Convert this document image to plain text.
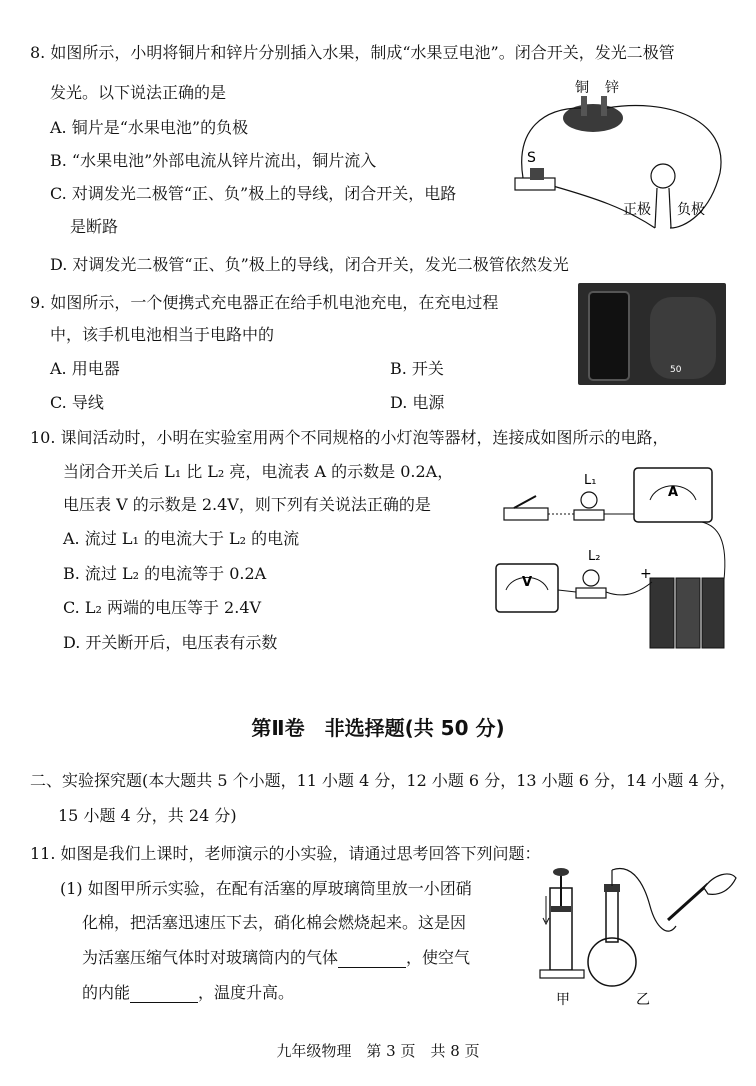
8. 如图所示，小明将铜片和锌片分别插入水果，制成“水果豆电池”。闭合开关，发光二极管
发光。以下说法正确的是
A. 铜片是“水果电池”的负极
B. “水果电池”外部电流从锌片流出，铜片流入
C. 对调发光二极管“正、负”极上的导线，闭合开关，电路
是断路
D. 对调发光二极管“正、负”极上的导线，闭合开关，发光二极管依然发光
铜 锌
S
正极 负极
9. 如图所示，一个便携式充电器正在给手机电池充电，在充电过程
中，该手机电池相当于电路中的
A. 用电器	B. 开关
C. 导线	D. 电源
50
10. 课间活动时，小明在实验室用两个不同规格的小灯泡等器材，连接成如图所示的电路，
当闭合开关后 L₁ 比 L₂ 亮，电流表 A 的示数是 0.2A，
电压表 V 的示数是 2.4V，则下列有关说法正确的是
A. 流过 L₁ 的电流大于 L₂ 的电流
B. 流过 L₂ 的电流等于 0.2A
C. L₂ 两端的电压等于 2.4V
D. 开关断开后，电压表有示数
L₁
A
V
L₂
+
第Ⅱ卷　非选择题(共 50 分)
二、实验探究题(本大题共 5 个小题，11 小题 4 分，12 小题 6 分，13 小题 6 分，14 小题 4 分，
15 小题 4 分，共 24 分)
11. 如图是我们上课时，老师演示的小实验，请通过思考回答下列问题：
(1) 如图甲所示实验，在配有活塞的厚玻璃筒里放一小团硝
化棉，把活塞迅速压下去，硝化棉会燃烧起来。这是因
为活塞压缩气体时对玻璃筒内的气体	，使空气
的内能	，温度升高。	甲	乙
九年级物理　第 3 页　共 8 页
